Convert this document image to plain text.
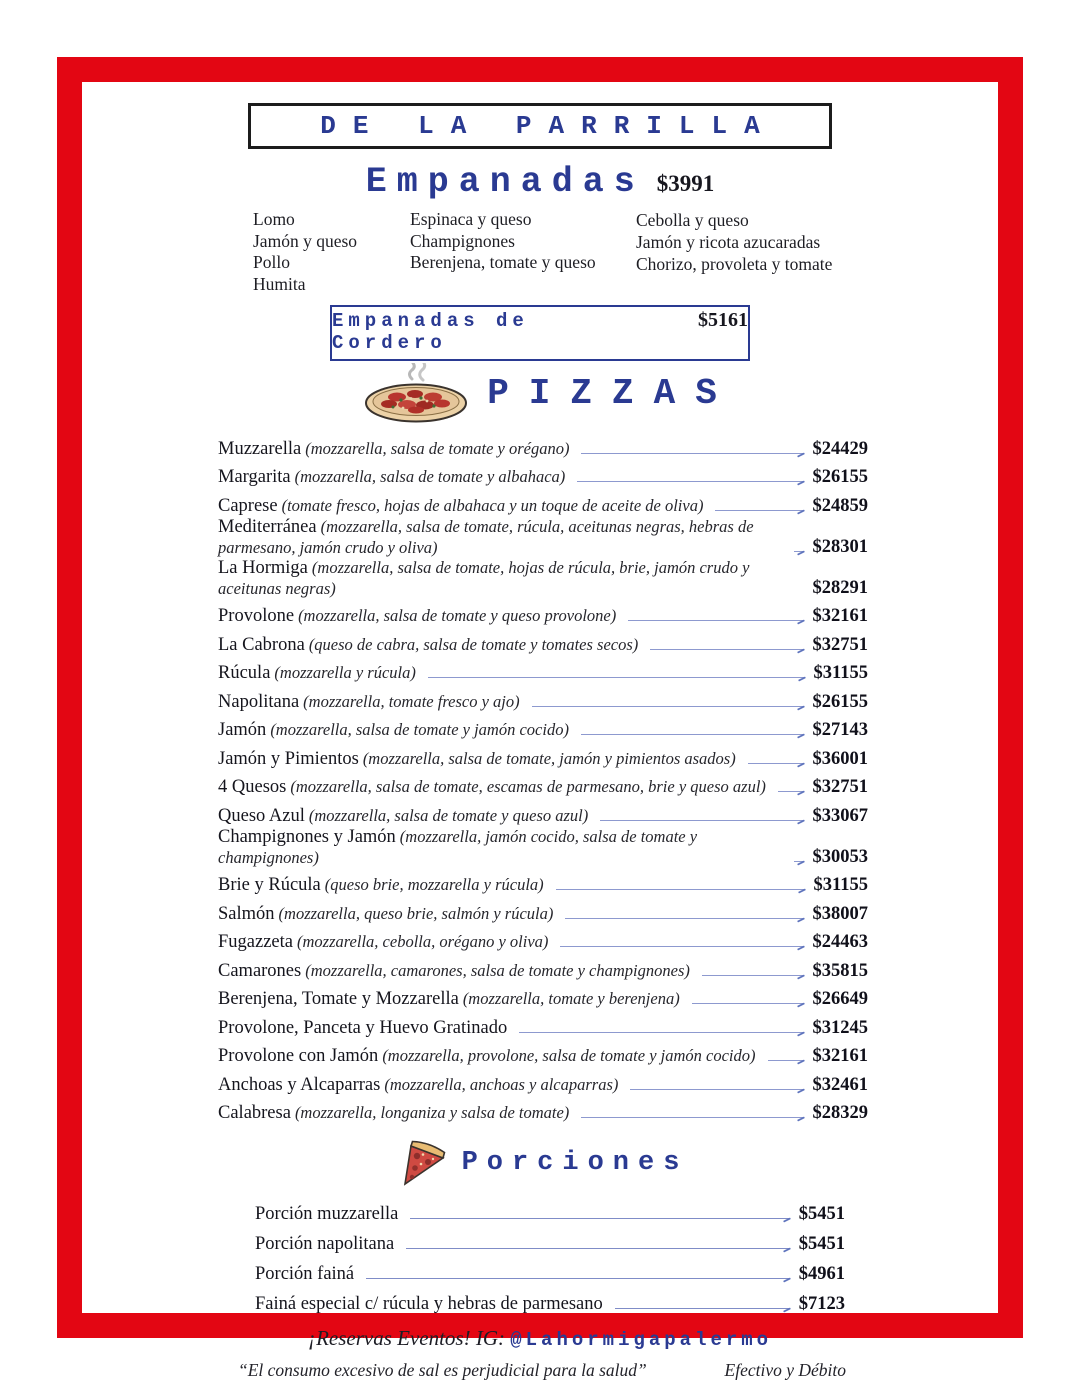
DE LA PARRILLA
Empanadas $3991
Lomo
Jamón y queso
Pollo
Humita
Espinaca y queso
Champignones
Berenjena, tomate y queso
Cebolla y queso
Jamón y ricota azucaradas
Chorizo, provoleta y tomate
Empanadas de Cordero
$5161
PIZZAS
Muzzarella (mozzarella, salsa de tomate y orégano)	$24429
Margarita (mozzarella, salsa de tomate y albahaca)	$26155
Caprese (tomate fresco, hojas de albahaca y un toque de aceite de oliva)	$24859
Mediterránea (mozzarella, salsa de tomate, rúcula, aceitunas negras, hebras de parmesano, jamón crudo y oliva)	$28301
La Hormiga (mozzarella, salsa de tomate, hojas de rúcula, brie, jamón crudo y aceitunas negras)	$28291
Provolone (mozzarella, salsa de tomate y queso provolone)	$32161
La Cabrona (queso de cabra, salsa de tomate y tomates secos)	$32751
Rúcula (mozzarella y rúcula)	$31155
Napolitana (mozzarella, tomate fresco y ajo)	$26155
Jamón (mozzarella, salsa de tomate y jamón cocido)	$27143
Jamón y Pimientos (mozzarella, salsa de tomate, jamón y pimientos asados)	$36001
4 Quesos (mozzarella, salsa de tomate, escamas de parmesano, brie y queso azul)	$32751
Queso Azul (mozzarella, salsa de tomate y queso azul)	$33067
Champignones y Jamón (mozzarella, jamón cocido, salsa de tomate y champignones)	$30053
Brie y Rúcula (queso brie, mozzarella y rúcula)	$31155
Salmón (mozzarella, queso brie, salmón y rúcula)	$38007
Fugazzeta (mozzarella, cebolla, orégano y oliva)	$24463
Camarones (mozzarella, camarones, salsa de tomate y champignones)	$35815
Berenjena, Tomate y Mozzarella (mozzarella, tomate y berenjena)	$26649
Provolone, Panceta y Huevo Gratinado	$31245
Provolone con Jamón (mozzarella, provolone, salsa de tomate y jamón cocido)	$32161
Anchoas y Alcaparras (mozzarella, anchoas y alcaparras)	$32461
Calabresa (mozzarella, longaniza y salsa de tomate)	$28329
Porciones
Porción muzzarella	$5451
Porción napolitana	$5451
Porción fainá	$4961
Fainá especial c/ rúcula y hebras de parmesano	$7123
¡Reservas Eventos! IG: @Lahormigapalermo
“El consumo excesivo de sal es perjudicial para la salud”	Efectivo y Débito
